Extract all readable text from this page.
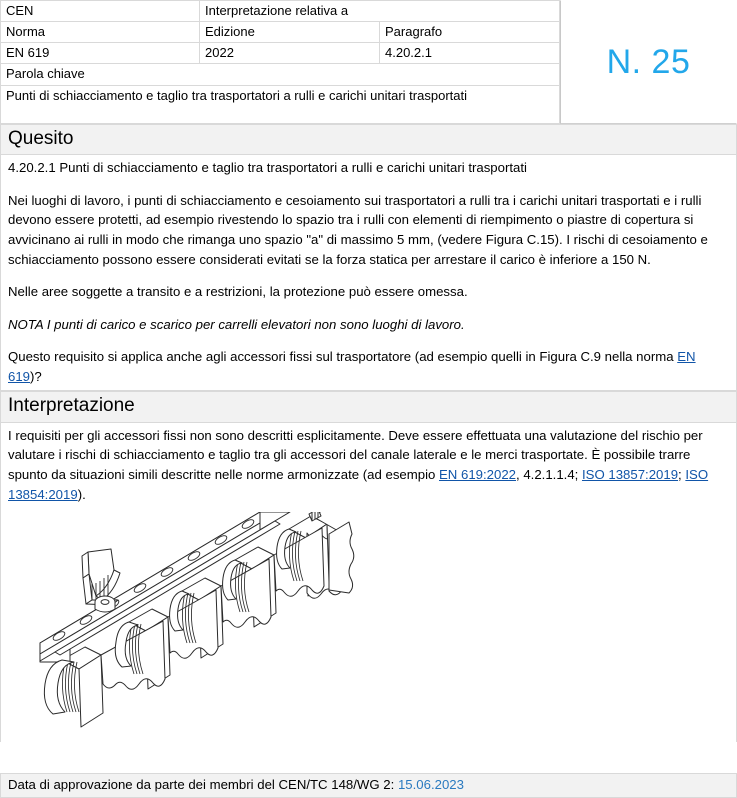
CEN	Interpretazione relativa a	
Norma	Edizione	Paragrafo
EN 619	2022	4.20.2.1
Parola chiave		
Punti di schiacciamento e taglio tra trasportatori a rulli e carichi unitari trasportati		
N. 25
Quesito

4.20.2.1 Punti di schiacciamento e taglio tra trasportatori a rulli e carichi unitari trasportati

Nei luoghi di lavoro, i punti di schiacciamento e cesoiamento sui trasportatori a rulli tra i carichi unitari trasportati e i rulli devono essere protetti, ad esempio rivestendo lo spazio tra i rulli con elementi di riempimento o piastre di copertura si avvicinano ai rulli in modo che rimanga uno spazio "a" di massimo 5 mm, (vedere Figura C.15). I rischi di cesoiamento e schiacciamento possono essere considerati evitati se la forza statica per arrestare il carico è inferiore a 150 N.

Nelle aree soggette a transito e a restrizioni, la protezione può essere omessa.

NOTA I punti di carico e scarico per carrelli elevatori non sono luoghi di lavoro.

Questo requisito si applica anche agli accessori fissi sul trasportatore (ad esempio quelli in Figura C.9 nella norma EN 619)?

Interpretazione

I requisiti per gli accessori fissi non sono descritti esplicitamente. Deve essere effettuata una valutazione del rischio per valutare i rischi di schiacciamento e taglio tra gli accessori del canale laterale e le merci trasportate. È possibile trarre spunto da situazioni simili descritte nelle norme armonizzate (ad esempio EN 619:2022, 4.2.1.1.4; ISO 13857:2019; ISO 13854:2019).

Data di approvazione da parte dei membri del CEN/TC 148/WG 2: 15.06.2023
